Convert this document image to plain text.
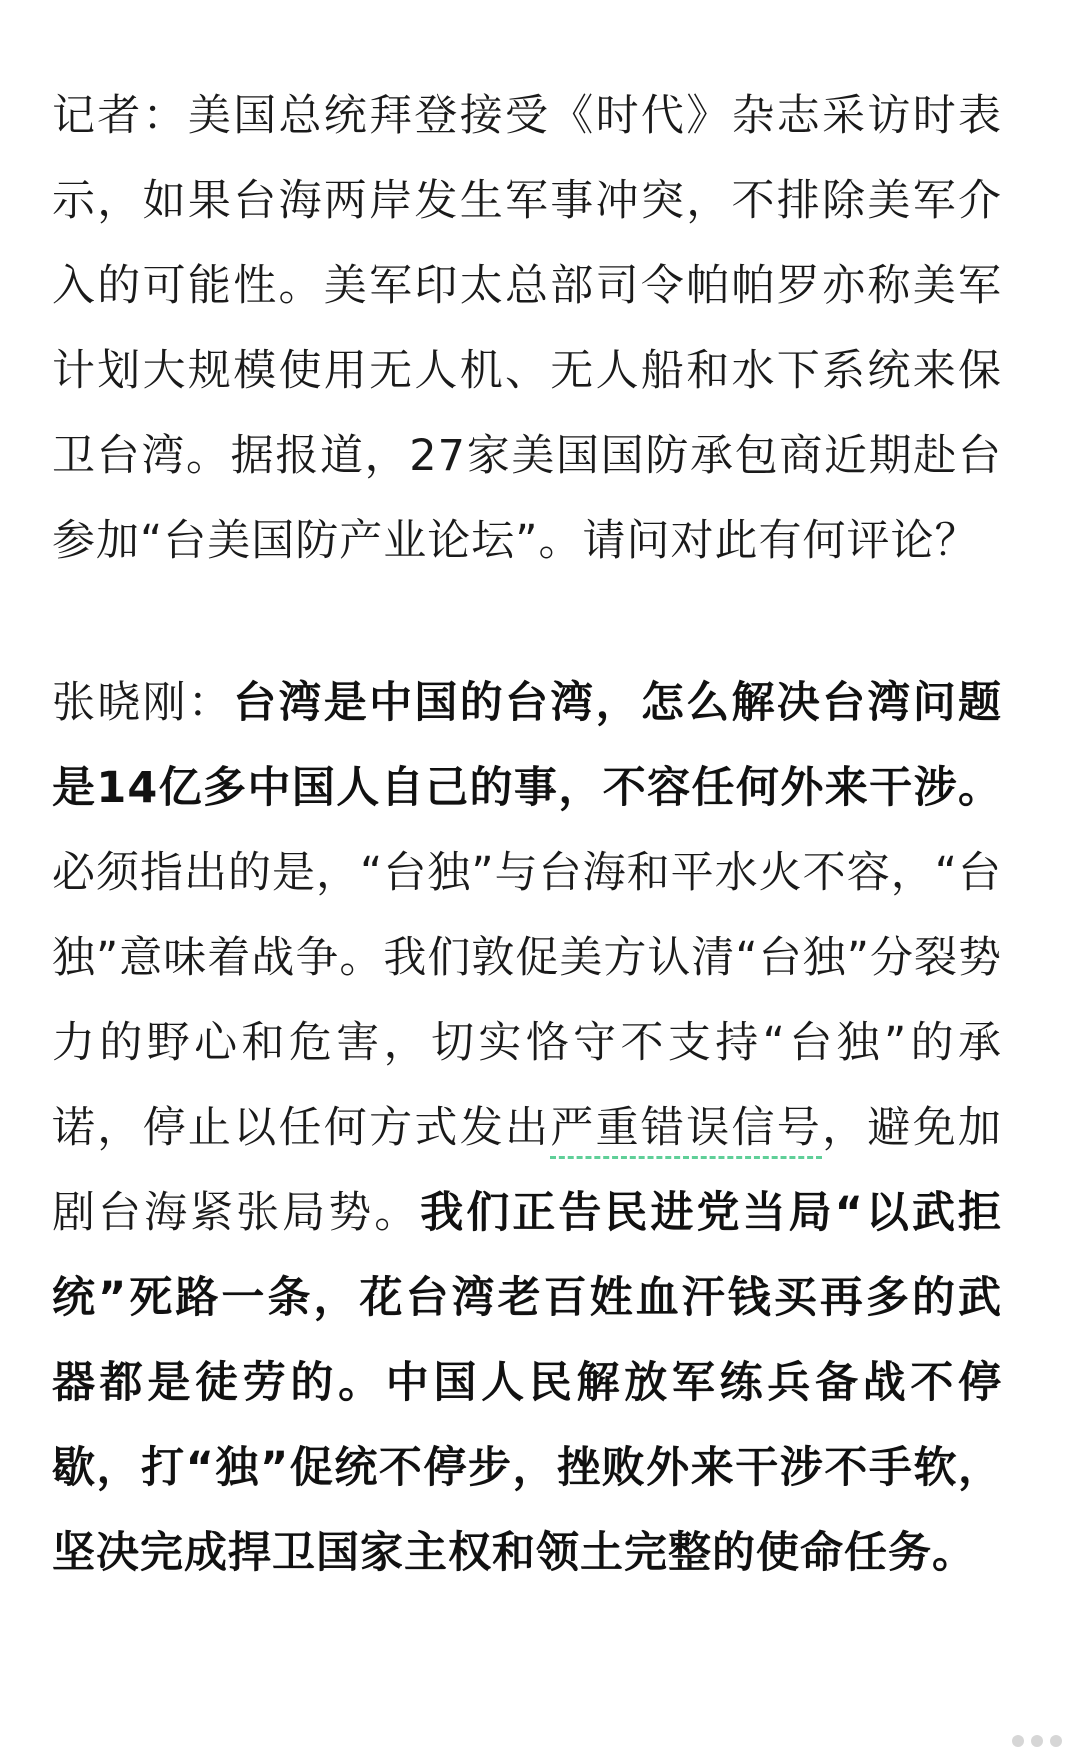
记者：美国总统拜登接受《时代》杂志采访时表示，如果台海两岸发生军事冲突，不排除美军介入的可能性。美军印太总部司令帕帕罗亦称美军计划大规模使用无人机、无人船和水下系统来保卫台湾。据报道，27家美国国防承包商近期赴台参加“台美国防产业论坛”。请问对此有何评论？

张晓刚：台湾是中国的台湾，怎么解决台湾问题是14亿多中国人自己的事，不容任何外来干涉。必须指出的是，“台独”与台海和平水火不容，“台独”意味着战争。我们敦促美方认清“台独”分裂势力的野心和危害，切实恪守不支持“台独”的承诺，停止以任何方式发出严重错误信号，避免加剧台海紧张局势。我们正告民进党当局“以武拒统”死路一条，花台湾老百姓血汗钱买再多的武器都是徒劳的。中国人民解放军练兵备战不停歇，打“独”促统不停步，挫败外来干涉不手软，坚决完成捍卫国家主权和领土完整的使命任务。
